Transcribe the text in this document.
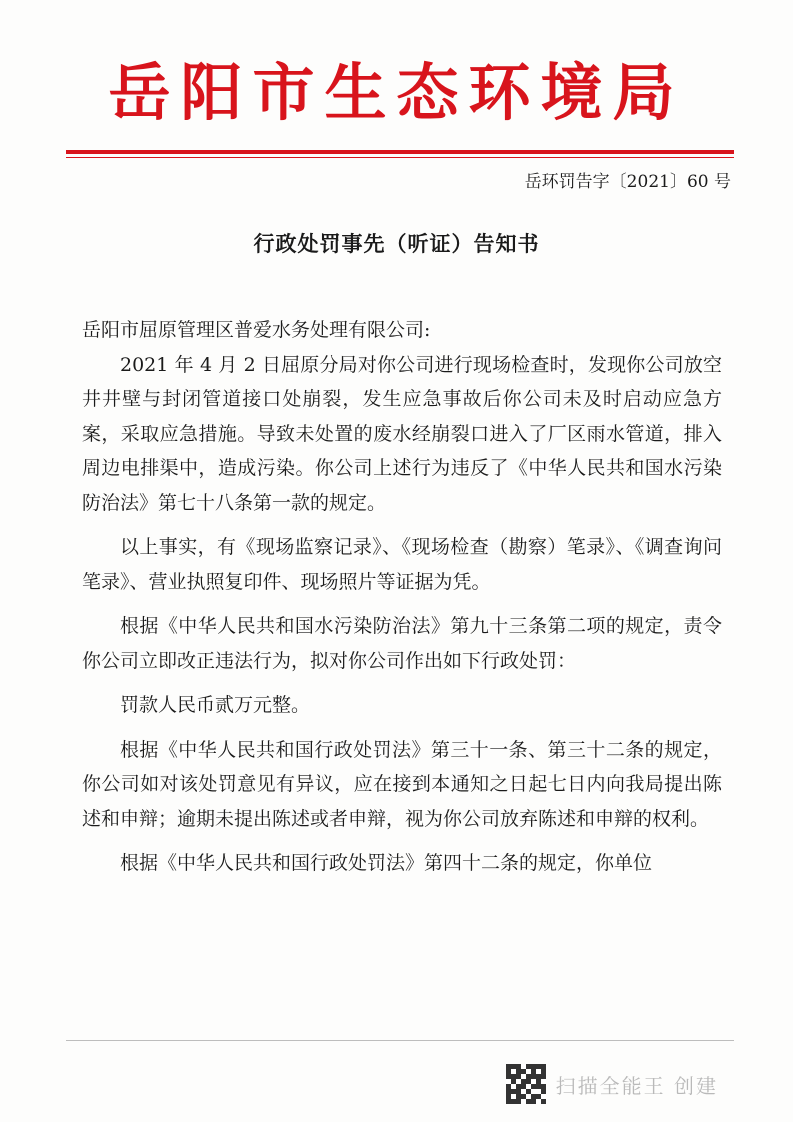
岳阳市生态环境局
岳环罚告字〔2021〕60 号
行政处罚事先（听证）告知书

岳阳市屈原管理区普爱水务处理有限公司:

2021 年 4 月 2 日屈原分局对你公司进行现场检查时，发现你公司放空井井壁与封闭管道接口处崩裂，发生应急事故后你公司未及时启动应急方案，采取应急措施。导致未处置的废水经崩裂口进入了厂区雨水管道，排入周边电排渠中，造成污染。你公司上述行为违反了《中华人民共和国水污染防治法》第七十八条第一款的规定。

以上事实，有《现场监察记录》、《现场检查（勘察）笔录》、《调查询问笔录》、营业执照复印件、现场照片等证据为凭。

根据《中华人民共和国水污染防治法》第九十三条第二项的规定，责令你公司立即改正违法行为，拟对你公司作出如下行政处罚：

罚款人民币贰万元整。

根据《中华人民共和国行政处罚法》第三十一条、第三十二条的规定，你公司如对该处罚意见有异议，应在接到本通知之日起七日内向我局提出陈述和申辩；逾期未提出陈述或者申辩，视为你公司放弃陈述和申辩的权利。

根据《中华人民共和国行政处罚法》第四十二条的规定，你单位

扫描全能王 创建
